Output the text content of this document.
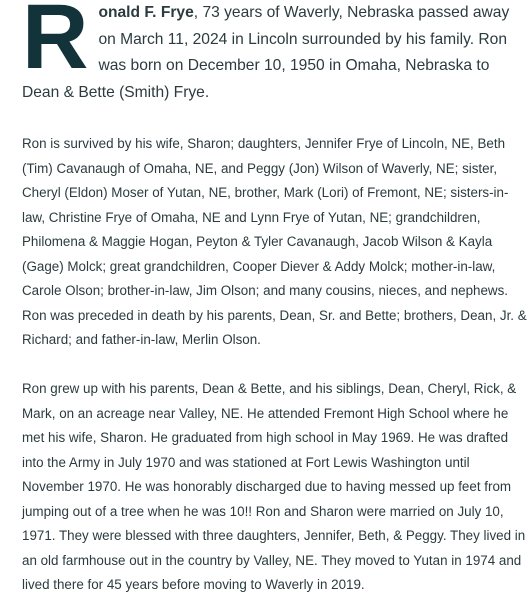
Ronald F. Frye, 73 years of Waverly, Nebraska passed away on March 11, 2024 in Lincoln surrounded by his family. Ron was born on December 10, 1950 in Omaha, Nebraska to Dean & Bette (Smith) Frye.

Ron is survived by his wife, Sharon; daughters, Jennifer Frye of Lincoln, NE, Beth (Tim) Cavanaugh of Omaha, NE, and Peggy (Jon) Wilson of Waverly, NE; sister, Cheryl (Eldon) Moser of Yutan, NE, brother, Mark (Lori) of Fremont, NE; sisters-in-law, Christine Frye of Omaha, NE and Lynn Frye of Yutan, NE; grandchildren, Philomena & Maggie Hogan, Peyton & Tyler Cavanaugh, Jacob Wilson & Kayla (Gage) Molck; great grandchildren, Cooper Diever & Addy Molck; mother-in-law, Carole Olson; brother-in-law, Jim Olson; and many cousins, nieces, and nephews. Ron was preceded in death by his parents, Dean, Sr. and Bette; brothers, Dean, Jr. & Richard; and father-in-law, Merlin Olson.

Ron grew up with his parents, Dean & Bette, and his siblings, Dean, Cheryl, Rick, & Mark, on an acreage near Valley, NE. He attended Fremont High School where he met his wife, Sharon. He graduated from high school in May 1969. He was drafted into the Army in July 1970 and was stationed at Fort Lewis Washington until November 1970. He was honorably discharged due to having messed up feet from jumping out of a tree when he was 10!! Ron and Sharon were married on July 10, 1971. They were blessed with three daughters, Jennifer, Beth, & Peggy. They lived in an old farmhouse out in the country by Valley, NE. They moved to Yutan in 1974 and lived there for 45 years before moving to Waverly in 2019.
